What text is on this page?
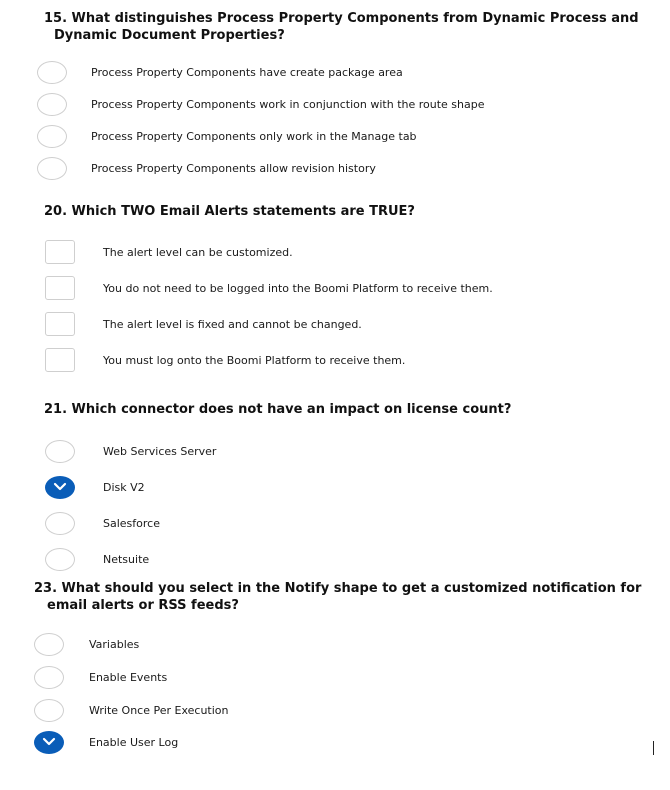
15. What distinguishes Process Property Components from Dynamic Process and Dynamic Document Properties?
Process Property Components have create package area
Process Property Components work in conjunction with the route shape
Process Property Components only work in the Manage tab
Process Property Components allow revision history
20. Which TWO Email Alerts statements are TRUE?
The alert level can be customized.
You do not need to be logged into the Boomi Platform to receive them.
The alert level is fixed and cannot be changed.
You must log onto the Boomi Platform to receive them.
21. Which connector does not have an impact on license count?
Web Services Server
Disk V2
Salesforce
Netsuite
23. What should you select in the Notify shape to get a customized notification for email alerts or RSS feeds?
Variables
Enable Events
Write Once Per Execution
Enable User Log
